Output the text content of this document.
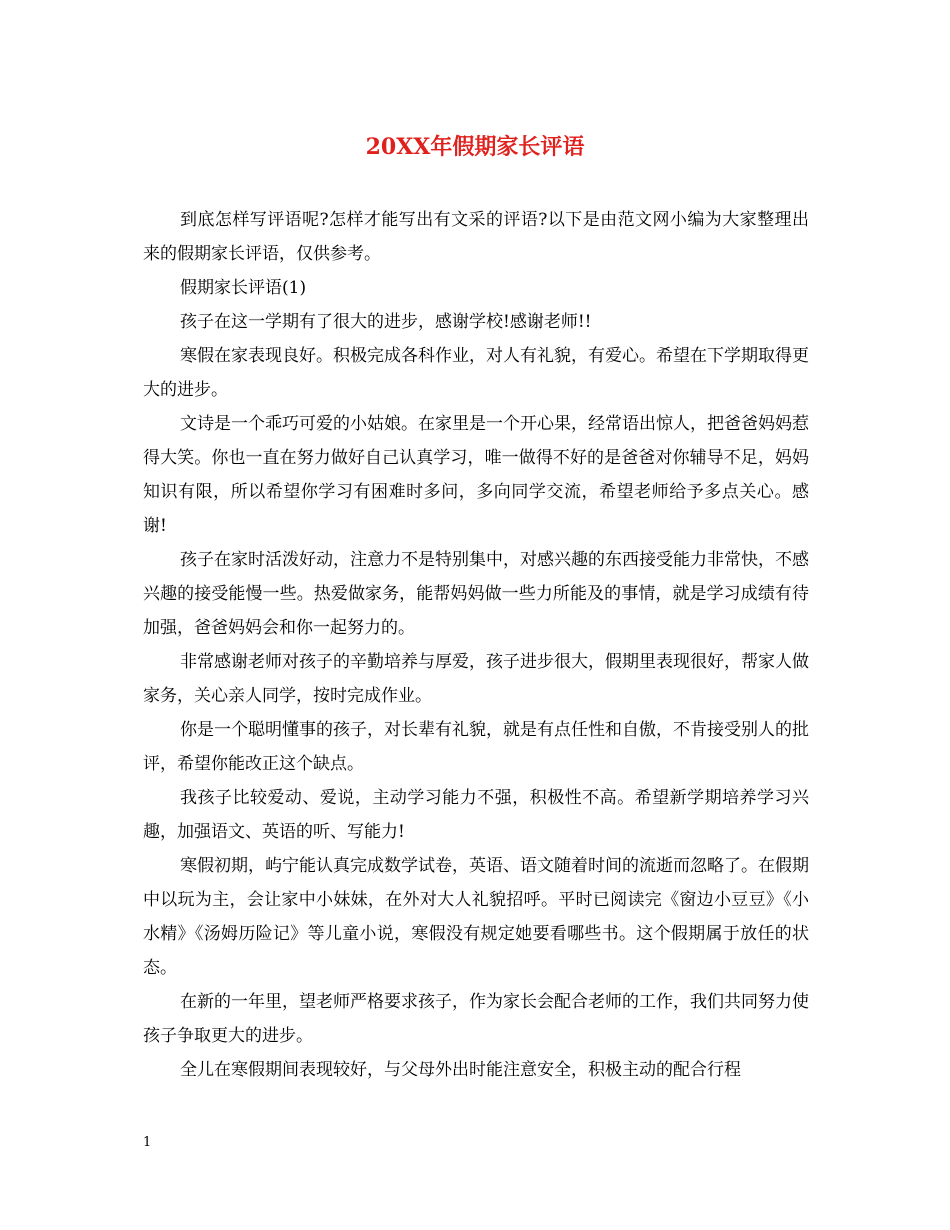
20XX年假期家长评语

到底怎样写评语呢?怎样才能写出有文采的评语?以下是由范文网小编为大家整理出来的假期家长评语，仅供参考。

假期家长评语(1)

孩子在这一学期有了很大的进步，感谢学校!感谢老师!!

寒假在家表现良好。积极完成各科作业，对人有礼貌，有爱心。希望在下学期取得更大的进步。

文诗是一个乖巧可爱的小姑娘。在家里是一个开心果，经常语出惊人，把爸爸妈妈惹得大笑。你也一直在努力做好自己认真学习，唯一做得不好的是爸爸对你辅导不足，妈妈知识有限，所以希望你学习有困难时多问，多向同学交流，希望老师给予多点关心。感谢!

孩子在家时活泼好动，注意力不是特别集中，对感兴趣的东西接受能力非常快，不感兴趣的接受能慢一些。热爱做家务，能帮妈妈做一些力所能及的事情，就是学习成绩有待加强，爸爸妈妈会和你一起努力的。

非常感谢老师对孩子的辛勤培养与厚爱，孩子进步很大，假期里表现很好，帮家人做家务，关心亲人同学，按时完成作业。

你是一个聪明懂事的孩子，对长辈有礼貌，就是有点任性和自傲，不肯接受别人的批评，希望你能改正这个缺点。

我孩子比较爱动、爱说，主动学习能力不强，积极性不高。希望新学期培养学习兴趣，加强语文、英语的听、写能力!

寒假初期，屿宁能认真完成数学试卷，英语、语文随着时间的流逝而忽略了。在假期中以玩为主，会让家中小妹妹，在外对大人礼貌招呼。平时已阅读完《窗边小豆豆》《小水精》《汤姆历险记》等儿童小说，寒假没有规定她要看哪些书。这个假期属于放任的状态。

在新的一年里，望老师严格要求孩子，作为家长会配合老师的工作，我们共同努力使孩子争取更大的进步。

全儿在寒假期间表现较好，与父母外出时能注意安全，积极主动的配合行程

1
